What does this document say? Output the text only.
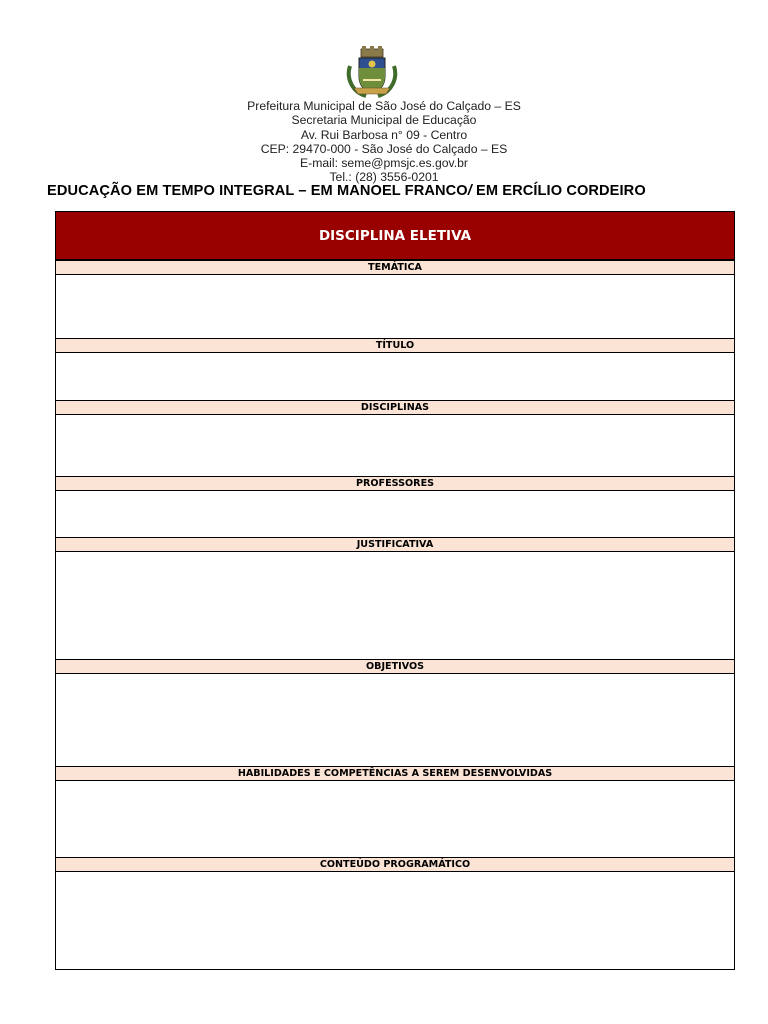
Prefeitura Municipal de São José do Calçado – ES
Secretaria Municipal de Educação
Av. Rui Barbosa n° 09 - Centro
CEP: 29470-000 - São José do Calçado – ES
E-mail: seme@pmsjc.es.gov.br
Tel.: (28) 3556-0201
EDUCAÇÃO EM TEMPO INTEGRAL – EM MANOEL FRANCO/ EM ERCÍLIO CORDEIRO
DISCIPLINA ELETIVA
TEMÁTICA
TÍTULO
DISCIPLINAS
PROFESSORES
JUSTIFICATIVA
OBJETIVOS
HABILIDADES E COMPETÊNCIAS A SEREM DESENVOLVIDAS
CONTEÚDO PROGRAMÁTICO
